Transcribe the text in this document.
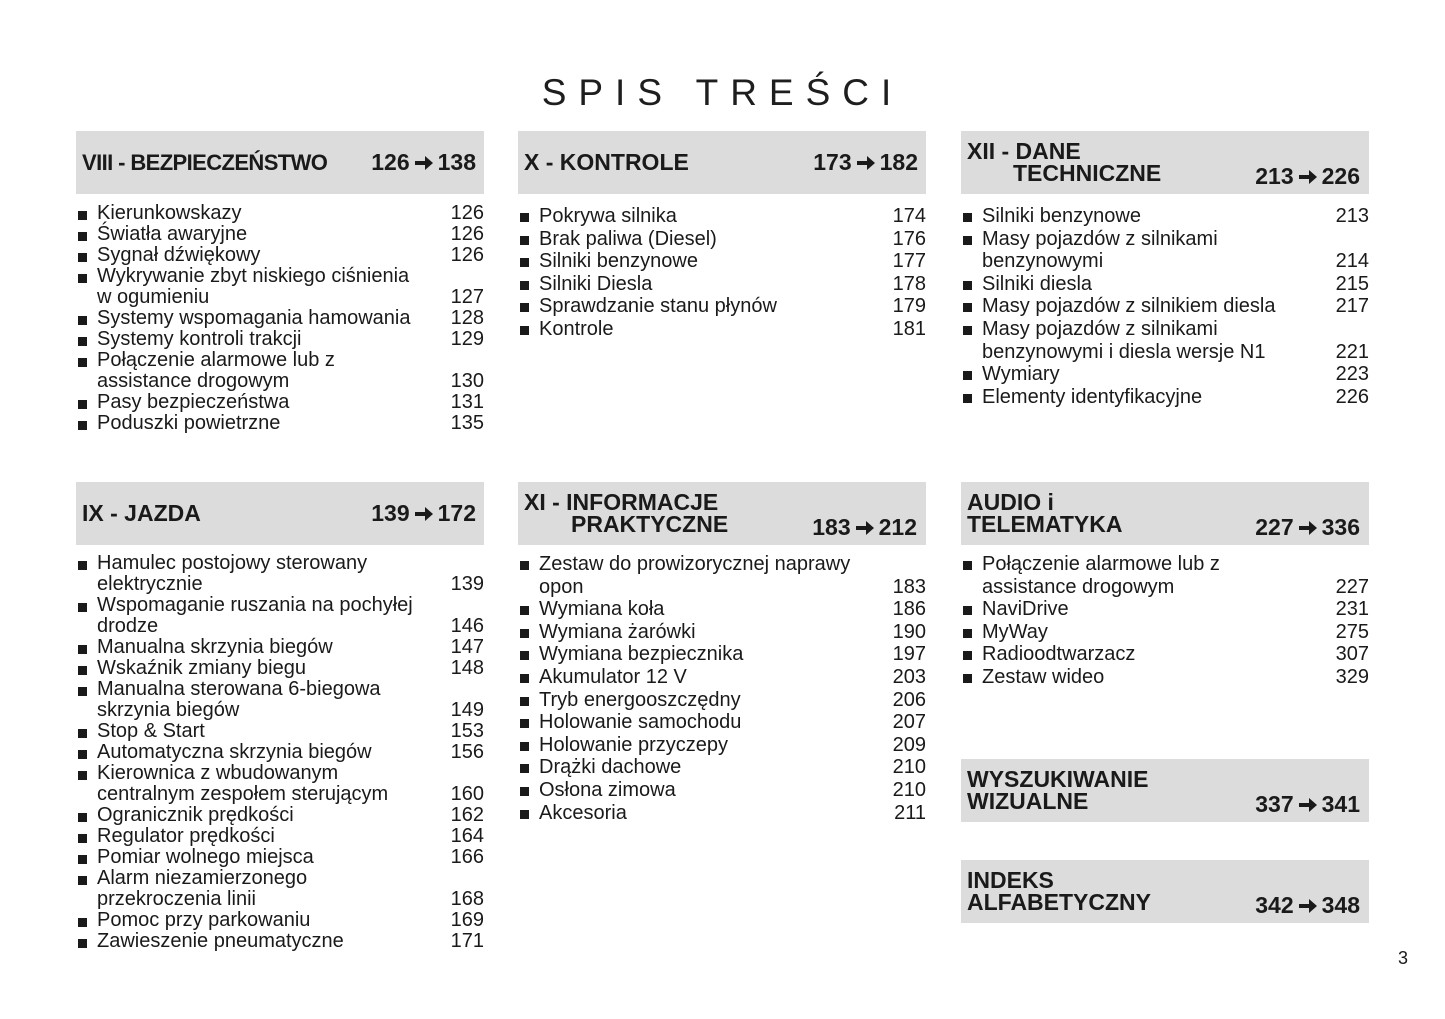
SPIS TREŚCI
VIII - BEZPIECZEŃSTWO 126 138
Kierunkowskazy	126
Światła awaryjne	126
Sygnał dźwiękowy	126
Wykrywanie zbyt niskiego ciśnienia w ogumieniu	127
Systemy wspomagania hamowania 128
Systemy kontroli trakcji	129
Połączenie alarmowe lub z assistance drogowym	130
Pasy bezpieczeństwa	131
Poduszki powietrzne	135
X - KONTROLE	173 182
Pokrywa silnika	174
Brak paliwa (Diesel)	176
Silniki benzynowe	177
Silniki Diesla	178
Sprawdzanie stanu płynów	179
Kontrole	181
XII - DANE
TECHNICZNE	213 226
Silniki benzynowe	213
Masy pojazdów z silnikami benzynowymi	214
Silniki diesla	215
Masy pojazdów z silnikiem diesla	217
Masy pojazdów z silnikami benzynowymi i diesla wersje N1	221
Wymiary	223
Elementy identyfikacyjne	226
IX - JAZDA	139 172
Hamulec postojowy sterowany elektrycznie	139
Wspomaganie ruszania na pochyłej drodze	146
Manualna skrzynia biegów	147
Wskaźnik zmiany biegu	148
Manualna sterowana 6-biegowa skrzynia biegów	149
Stop & Start	153
Automatyczna skrzynia biegów	156
Kierownica z wbudowanym centralnym zespołem sterującym	160
Ogranicznik prędkości	162
Regulator prędkości	164
Pomiar wolnego miejsca	166
Alarm niezamierzonego przekroczenia linii	168
Pomoc przy parkowaniu	169
Zawieszenie pneumatyczne	171
XI - INFORMACJE
PRAKTYCZNE	183 212
Zestaw do prowizorycznej naprawy opon	183
Wymiana koła	186
Wymiana żarówki	190
Wymiana bezpiecznika	197
Akumulator 12 V	203
Tryb energooszczędny	206
Holowanie samochodu	207
Holowanie przyczepy	209
Drążki dachowe	210
Osłona zimowa	210
Akcesoria	211
AUDIO i
TELEMATYKA	227 336
Połączenie alarmowe lub z assistance drogowym	227
NaviDrive	231
MyWay	275
Radioodtwarzacz	307
Zestaw wideo	329
WYSZUKIWANIE
WIZUALNE	337 341
INDEKS
ALFABETYCZNY	342 348
3
